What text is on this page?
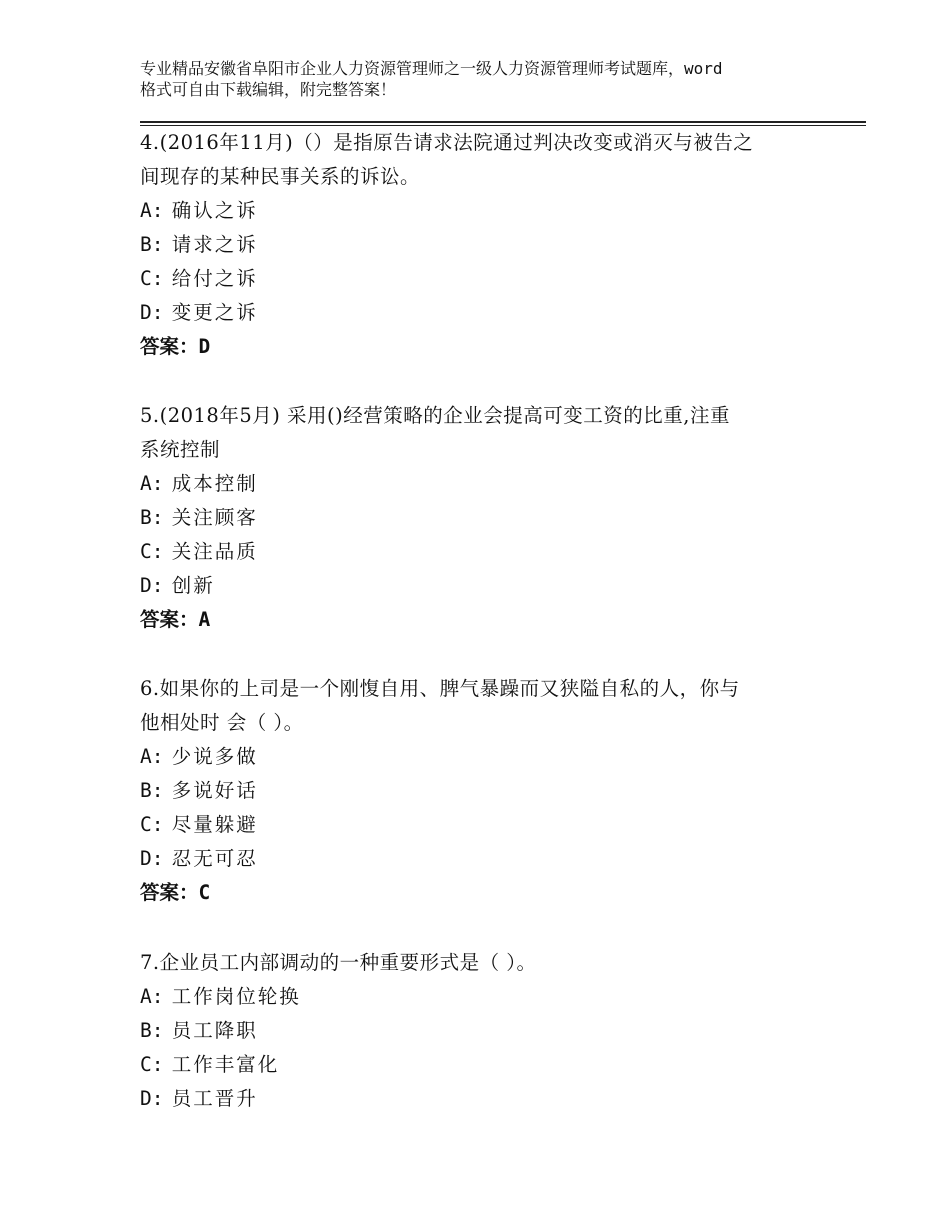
专业精品安徽省阜阳市企业人力资源管理师之一级人力资源管理师考试题库，word
格式可自由下载编辑，附完整答案！

4.(2016年11月)（）是指原告请求法院通过判决改变或消灭与被告之

间现存的某种民事关系的诉讼。

A: 确认之诉

B: 请求之诉

C: 给付之诉

D: 变更之诉

答案：D

5.(2018年5月) 采用()经营策略的企业会提高可变工资的比重,注重

系统控制

A: 成本控制

B: 关注顾客

C: 关注品质

D: 创新

答案：A

6.如果你的上司是一个刚愎自用、脾气暴躁而又狭隘自私的人，你与

他相处时 会（ ）。

A: 少说多做

B: 多说好话

C: 尽量躲避

D: 忍无可忍

答案：C

7.企业员工内部调动的一种重要形式是（ ）。

A: 工作岗位轮换

B: 员工降职

C: 工作丰富化

D: 员工晋升
